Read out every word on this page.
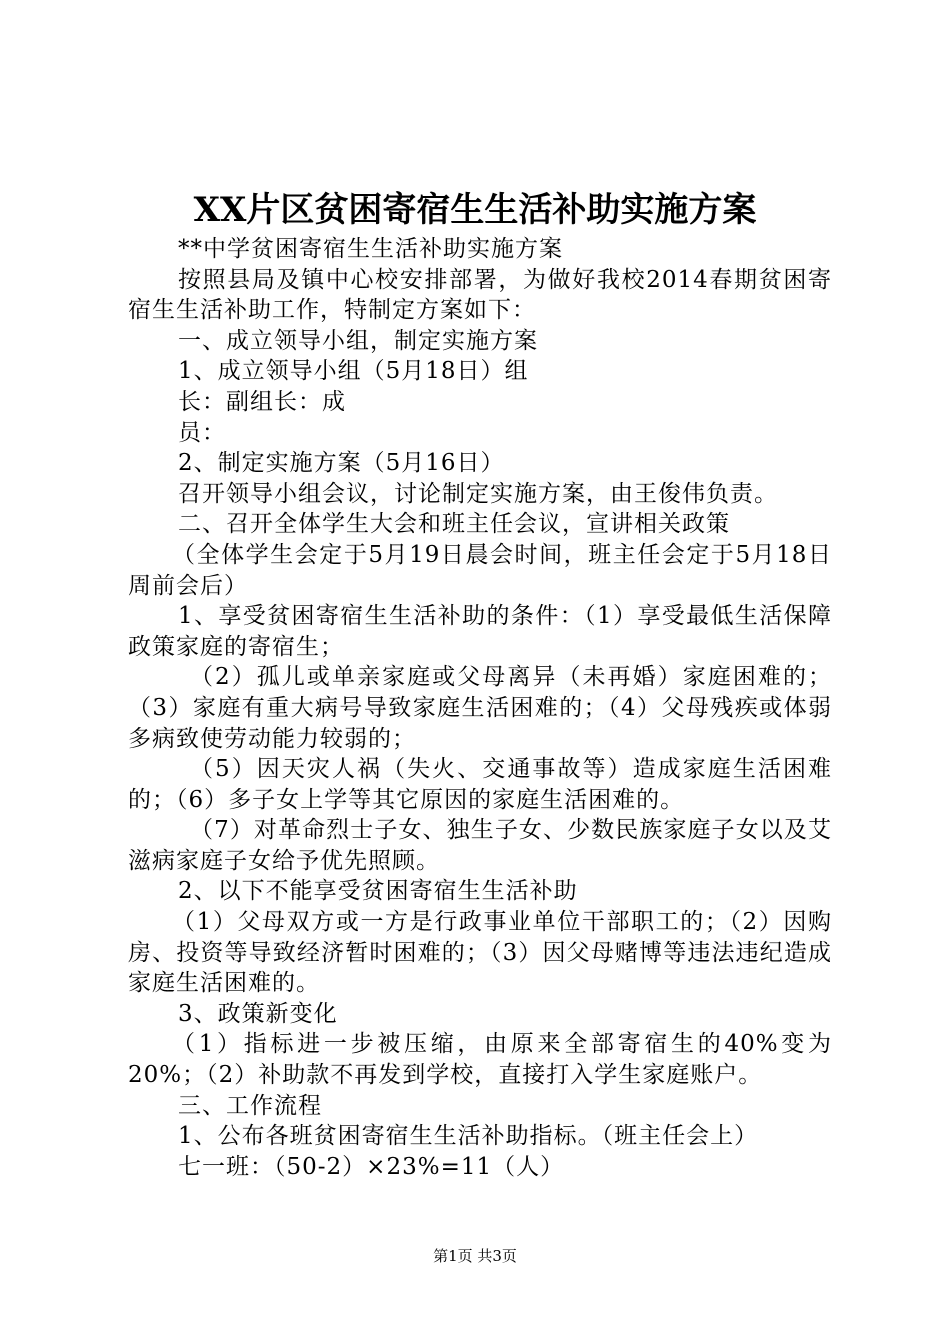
XX片区贫困寄宿生生活补助实施方案

**中学贫困寄宿生生活补助实施方案

按照县局及镇中心校安排部署，为做好我校2014春期贫困寄宿生生活补助工作，特制定方案如下：

一、成立领导小组，制定实施方案

1、成立领导小组（5月18日）组

长：副组长：成

员：

2、制定实施方案（5月16日）

召开领导小组会议，讨论制定实施方案，由王俊伟负责。

二、召开全体学生大会和班主任会议，宣讲相关政策

（全体学生会定于5月19日晨会时间，班主任会定于5月18日周前会后）

1、享受贫困寄宿生生活补助的条件：（1）享受最低生活保障政策家庭的寄宿生；

（2）孤儿或单亲家庭或父母离异（未再婚）家庭困难的；（3）家庭有重大病号导致家庭生活困难的；（4）父母残疾或体弱多病致使劳动能力较弱的；

（5）因天灾人祸（失火、交通事故等）造成家庭生活困难的；（6）多子女上学等其它原因的家庭生活困难的。

（7）对革命烈士子女、独生子女、少数民族家庭子女以及艾滋病家庭子女给予优先照顾。

2、以下不能享受贫困寄宿生生活补助

（1）父母双方或一方是行政事业单位干部职工的；（2）因购房、投资等导致经济暂时困难的；（3）因父母赌博等违法违纪造成家庭生活困难的。

3、政策新变化

（1）指标进一步被压缩，由原来全部寄宿生的40%变为20%；（2）补助款不再发到学校，直接打入学生家庭账户。

三、工作流程

1、公布各班贫困寄宿生生活补助指标。（班主任会上）

七一班：（50-2）×23%=11（人）

第1页 共3页
